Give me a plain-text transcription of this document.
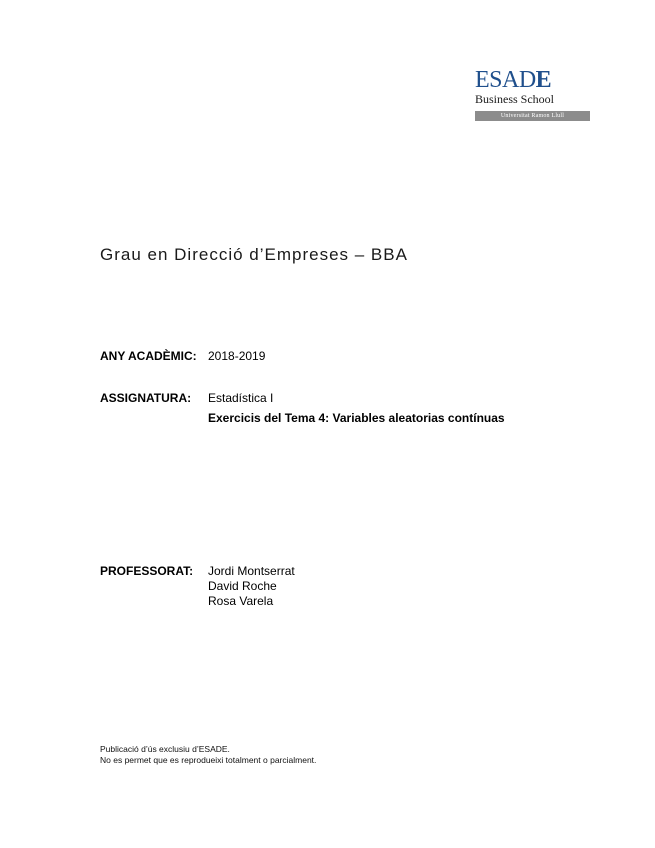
ESADE
Business School
Universitat Ramon Llull
Grau en Direcció d’Empreses – BBA
ANY ACADÈMIC: 2018-2019
ASSIGNATURA: Estadística I
Exercicis del Tema 4: Variables aleatorias contínuas
PROFESSORAT: Jordi Montserrat
David Roche
Rosa Varela
Publicació d’ús exclusiu d’ESADE.
No es permet que es reprodueixi totalment o parcialment.
